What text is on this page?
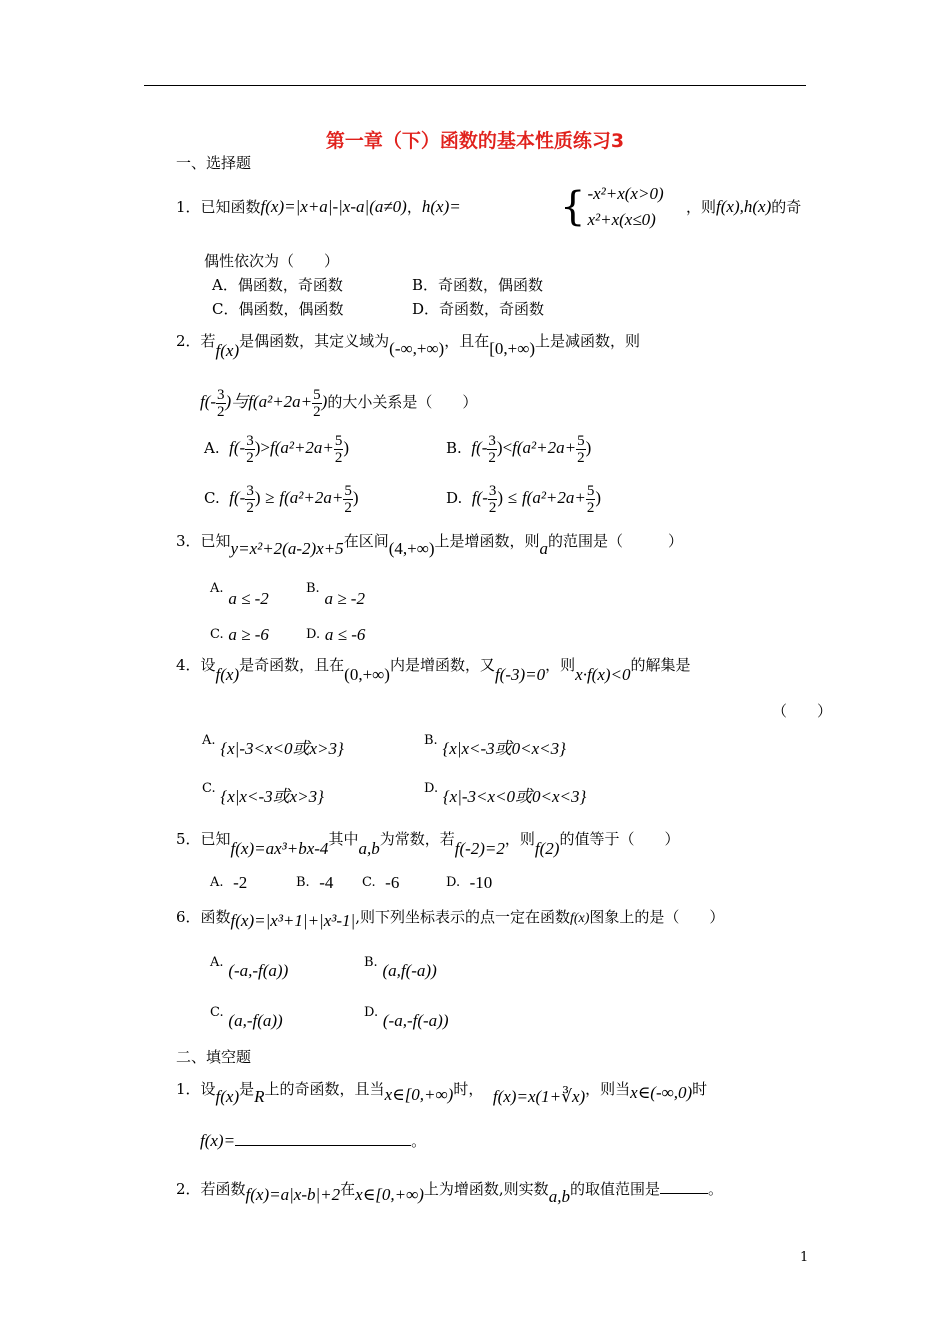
第一章（下）函数的基本性质练习3
一、选择题
1．已知函数f(x)=|x+a|-|x-a|(a≠0)，h(x)= { -x²+x(x>0)
x²+x(x≤0)
，则f(x),h(x)的奇
偶性依次为（　　）
A．偶函数，奇函数	B．奇函数，偶函数
C．偶函数，偶函数	D．奇函数，奇函数
2．若f(x)是偶函数，其定义域为(-∞,+∞)，且在[0,+∞)上是减函数，则
$f(- \frac{3}{2}$ )与$f(a^2+2a+ \frac{5}{2}$ )的大小关系是（　　）
A. $f(- \frac{3}{2} )>f(a^2+2a+ \frac{5}{2}$ )	B. $f(- \frac{3}{2} )<f(a^2+2a+ \frac{5}{2}$ )
C. $f(- \frac{3}{2}$ ) ≥ $f(a^2+2a+ \frac{5}{2}$ )	D. $f(- \frac{3}{2}$ ) ≤ $f(a^2+2a+ \frac{5}{2}$ )
3．已知y=x²+2(a-2)x+5在区间(4,+∞)上是增函数，则a的范围是（　　　）
A. a ≤ -2
B. a ≥ -2
C. a ≥ -6	D. a ≤ -6
4．设f(x)是奇函数，且在(0,+∞)内是增函数，又f(-3)=0，则x·f(x)<0的解集是
（　　）
A. {x|-3<x<0或x>3}	B. {x|x<-3或0<x<3}
C. {x|x<-3或x>3}	D. {x|-3<x<0或0<x<3}
5．已知f(x)=ax³+bx-4其中a,b为常数，若f(-2)=2，则f(2)的值等于（　　）
A. -2	B. -4 C. -6	D. -10
6．函数f(x)=|x³+1|+|x³-1|,则下列坐标表示的点一定在函数f(x)图象上的是（　　）
A. (-a,-f(a))	B. (a,f(-a))
C. (a,-f(a))	D. (-a,-f(-a))
二、填空题
1．设f(x)是R上的奇函数，且当x∈[0,+∞)时， f(x)=x(1+∛x)，则当x∈(-∞,0)时
f(x)=	。
2．若函数f(x)=a|x-b|+2在x∈[0,+∞)上为增函数,则实数a,b的取值范围是	。
1
